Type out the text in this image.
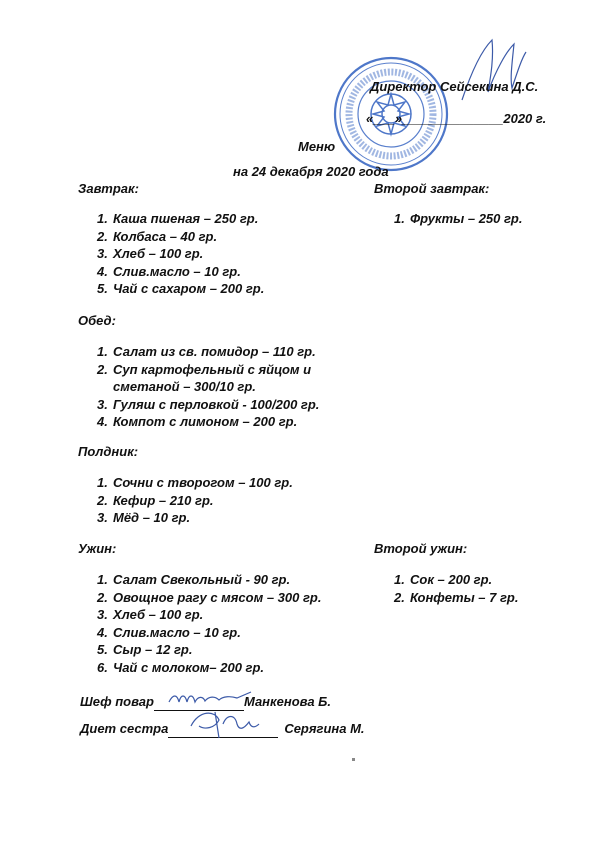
Директор Сейсекина Д.С.
«___»______________2020 г.
Меню
на 24 декабря 2020 года
Завтрак:
1. Каша пшеная – 250 гр.
2. Колбаса – 40 гр.
3. Хлеб – 100 гр.
4. Слив.масло – 10 гр.
5. Чай с сахаром – 200 гр.
Второй завтрак:
1. Фрукты – 250 гр.
Обед:
1. Салат из св. помидор – 110 гр.
2. Суп картофельный с яйцом и сметаной – 300/10 гр.
3. Гуляш с перловкой - 100/200 гр.
4. Компот с лимоном – 200 гр.
Полдник:
1. Сочни с творогом – 100 гр.
2. Кефир – 210 гр.
3. Мёд – 10 гр.
Ужин:
1. Салат Свекольный - 90 гр.
2. Овощное рагу с мясом – 300 гр.
3. Хлеб – 100 гр.
4. Слив.масло – 10 гр.
5. Сыр – 12 гр.
6. Чай с молоком– 200 гр.
Второй ужин:
1. Сок – 200 гр.
2. Конфеты – 7 гр.
Шеф повар	Манкенова Б.
Диет сестра	Серягина М.
